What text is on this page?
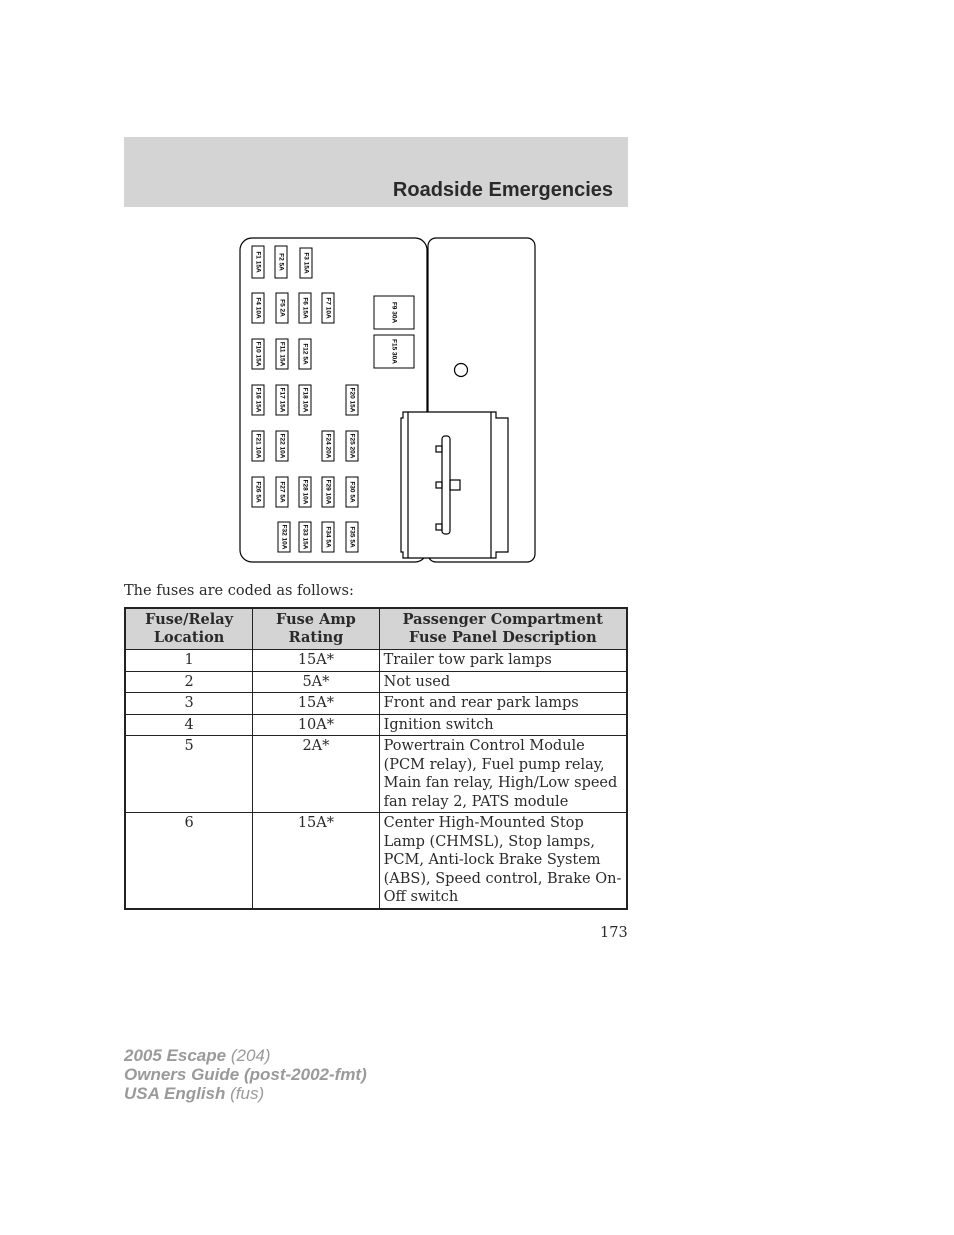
Roadside Emergencies
F1 15A F2 5A	F3 15A
F4 10A	F5 2A F6 15A F7 10A	F9 30A
F15 30A
F10 15A	F11 15A F12 5A
F16 15A	F17 15A F18 10A	F20 15A
F21 10A	F22 10A	F24 20A	F25 20A
F26 5A	F27 5A F28 10A F29 10A	F30 5A
F32 10A F33 15A F34 5A	F35 5A
The fuses are coded as follows:
Fuse/Relay Location	Fuse Amp Rating	Passenger Compartment Fuse Panel Description
1	15A*	Trailer tow park lamps
2	5A*	Not used
3	15A*	Front and rear park lamps
4	10A*	Ignition switch
5	2A*	Powertrain Control Module (PCM relay), Fuel pump relay, Main fan relay, High/Low speed fan relay 2, PATS module
6	15A*	Center High-Mounted Stop Lamp (CHMSL), Stop lamps, PCM, Anti-lock Brake System (ABS), Speed control, Brake On-Off switch
173
2005 Escape (204)
Owners Guide (post-2002-fmt)
USA English (fus)
